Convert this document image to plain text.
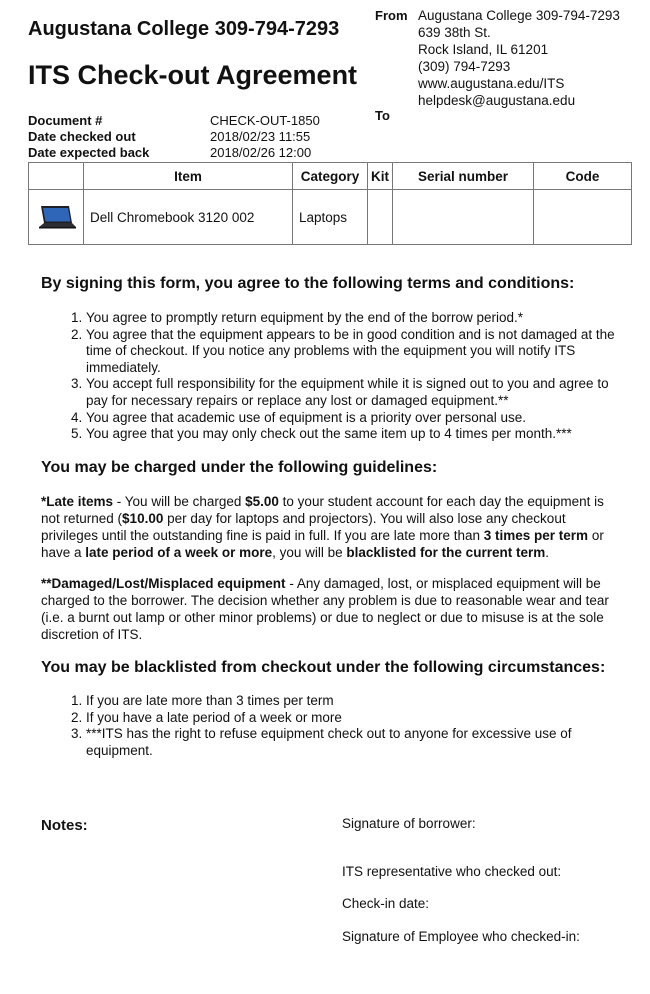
Augustana College 309-794-7293
ITS Check-out Agreement
From Augustana College 309-794-7293
639 38th St.
Rock Island, IL 61201
(309) 794-7293
www.augustana.edu/ITS
helpdesk@augustana.edu
To
Document #	CHECK-OUT-1850
Date checked out	2018/02/23 11:55
Date expected back	2018/02/26 12:00
	Item	Category	Kit	Serial number	Code

	Dell Chromebook 3120 002	Laptops			
By signing this form, you agree to the following terms and conditions:
1. You agree to promptly return equipment by the end of the borrow period.*
2. You agree that the equipment appears to be in good condition and is not damaged at the time of checkout. If you notice any problems with the equipment you will notify ITS immediately.
3. You accept full responsibility for the equipment while it is signed out to you and agree to pay for necessary repairs or replace any lost or damaged equipment.**
4. You agree that academic use of equipment is a priority over personal use.
5. You agree that you may only check out the same item up to 4 times per month.***
You may be charged under the following guidelines:

*Late items - You will be charged $5.00 to your student account for each day the equipment is not returned ($10.00 per day for laptops and projectors). You will also lose any checkout privileges until the outstanding fine is paid in full. If you are late more than 3 times per term or have a late period of a week or more, you will be blacklisted for the current term.

**Damaged/Lost/Misplaced equipment - Any damaged, lost, or misplaced equipment will be charged to the borrower. The decision whether any problem is due to reasonable wear and tear (i.e. a burnt out lamp or other minor problems) or due to neglect or due to misuse is at the sole discretion of ITS.

You may be blacklisted from checkout under the following circumstances:
1. If you are late more than 3 times per term
2. If you have a late period of a week or more
3. ***ITS has the right to refuse equipment check out to anyone for excessive use of equipment.
Notes:	Signature of borrower:
ITS representative who checked out:
Check-in date:
Signature of Employee who checked-in:
